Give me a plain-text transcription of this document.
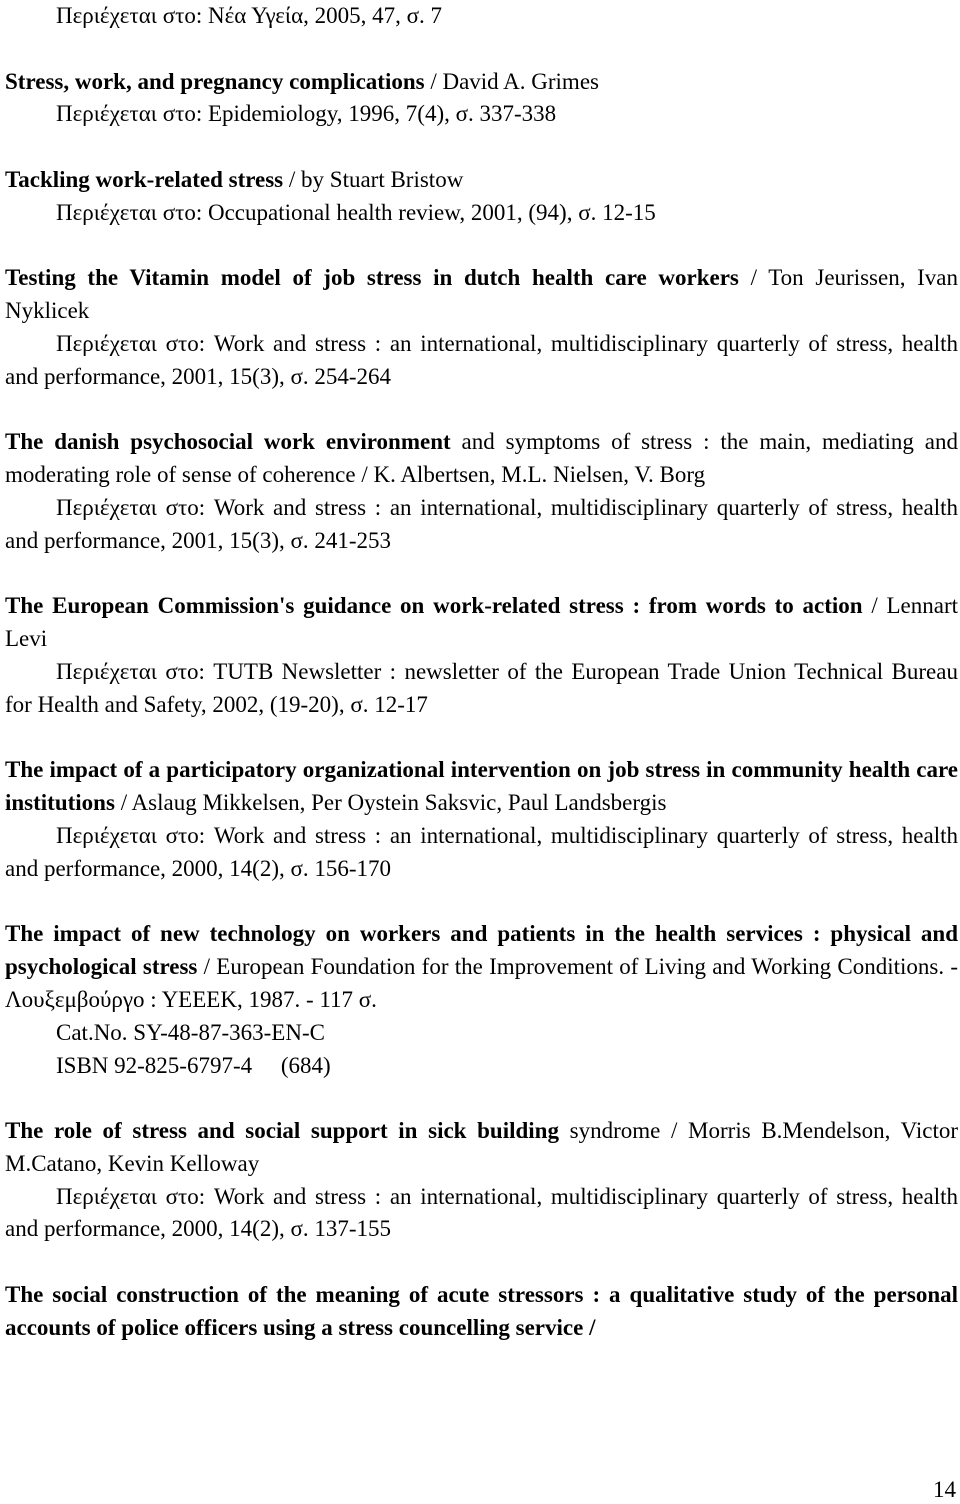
Περιέχεται στο: Νέα Υγεία, 2005, 47, σ. 7

Stress, work, and pregnancy complications / David A. Grimes
Περιέχεται στο: Epidemiology, 1996, 7(4), σ. 337-338

Tackling work-related stress / by Stuart Bristow
Περιέχεται στο: Occupational health review, 2001, (94), σ. 12-15

Testing the Vitamin model of job stress in dutch health care workers / Ton Jeurissen, Ivan Nyklicek
Περιέχεται στο: Work and stress : an international, multidisciplinary quarterly of stress, health and performance, 2001, 15(3), σ. 254-264

The danish psychosocial work environment and symptoms of stress : the main, mediating and moderating role of sense of coherence / K. Albertsen, M.L. Nielsen, V. Borg
Περιέχεται στο: Work and stress : an international, multidisciplinary quarterly of stress, health and performance, 2001, 15(3), σ. 241-253

The European Commission's guidance on work-related stress : from words to action / Lennart Levi
Περιέχεται στο: TUTB Newsletter : newsletter of the European Trade Union Technical Bureau for Health and Safety, 2002, (19-20), σ. 12-17

The impact of a participatory organizational intervention on job stress in community health care institutions / Aslaug Mikkelsen, Per Oystein Saksvic, Paul Landsbergis
Περιέχεται στο: Work and stress : an international, multidisciplinary quarterly of stress, health and performance, 2000, 14(2), σ. 156-170

The impact of new technology on workers and patients in the health services : physical and psychological stress / European Foundation for the Improvement of Living and Working Conditions. - Λουξεμβούργο : ΥΕΕΕΚ, 1987. - 117 σ.
Cat.No. SY-48-87-363-EN-C
ISBN 92-825-6797-4     (684)

The role of stress and social support in sick building syndrome / Morris B.Mendelson, Victor M.Catano, Kevin Kelloway
Περιέχεται στο: Work and stress : an international, multidisciplinary quarterly of stress, health and performance, 2000, 14(2), σ. 137-155

The social construction of the meaning of acute stressors : a qualitative study of the personal accounts of police officers using a stress councelling service /

14
